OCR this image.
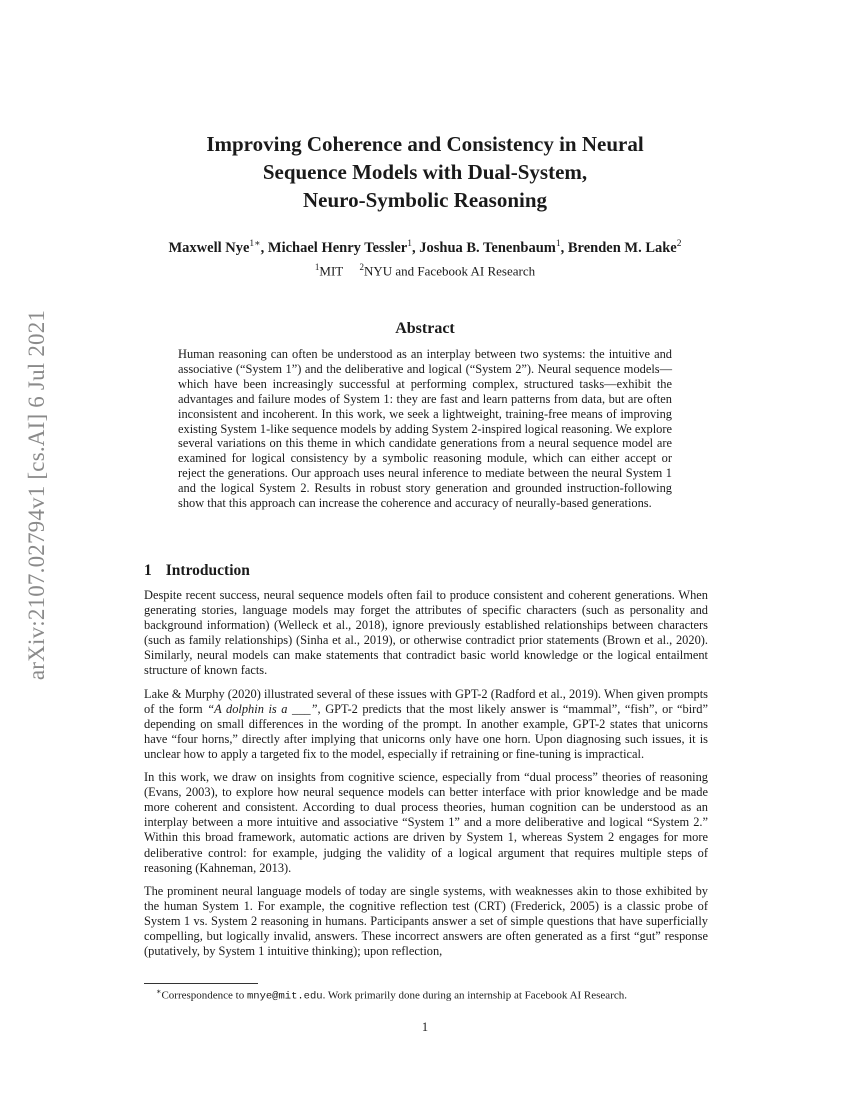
arXiv:2107.02794v1 [cs.AI] 6 Jul 2021
Improving Coherence and Consistency in Neural
Sequence Models with Dual-System,
Neuro-Symbolic Reasoning
Maxwell Nye$^{1∗}$, Michael Henry Tessler$^1$, Joshua B. Tenenbaum$^1$, Brenden M. Lake$^2$
$^1$MIT $^2$NYU and Facebook AI Research
Abstract
Human reasoning can often be understood as an interplay between two systems: the intuitive and associative (“System 1”) and the deliberative and logical (“System 2”). Neural sequence models—which have been increasingly successful at performing complex, structured tasks—exhibit the advantages and failure modes of System 1: they are fast and learn patterns from data, but are often inconsistent and incoherent. In this work, we seek a lightweight, training-free means of improving existing System 1-like sequence models by adding System 2-inspired logical reasoning. We explore several variations on this theme in which candidate generations from a neural sequence model are examined for logical consistency by a symbolic reasoning module, which can either accept or reject the generations. Our approach uses neural inference to mediate between the neural System 1 and the logical System 2. Results in robust story generation and grounded instruction-following show that this approach can increase the coherence and accuracy of neurally-based generations.
1 Introduction

Despite recent success, neural sequence models often fail to produce consistent and coherent generations. When generating stories, language models may forget the attributes of specific characters (such as personality and background information) (Welleck et al., 2018), ignore previously established relationships between characters (such as family relationships) (Sinha et al., 2019), or otherwise contradict prior statements (Brown et al., 2020). Similarly, neural models can make statements that contradict basic world knowledge or the logical entailment structure of known facts.

Lake & Murphy (2020) illustrated several of these issues with GPT-2 (Radford et al., 2019). When given prompts of the form “A dolphin is a ___”, GPT-2 predicts that the most likely answer is “mammal”, “fish”, or “bird” depending on small differences in the wording of the prompt. In another example, GPT-2 states that unicorns have “four horns,” directly after implying that unicorns only have one horn. Upon diagnosing such issues, it is unclear how to apply a targeted fix to the model, especially if retraining or fine-tuning is impractical.

In this work, we draw on insights from cognitive science, especially from “dual process” theories of reasoning (Evans, 2003), to explore how neural sequence models can better interface with prior knowledge and be made more coherent and consistent. According to dual process theories, human cognition can be understood as an interplay between a more intuitive and associative “System 1” and a more deliberative and logical “System 2.” Within this broad framework, automatic actions are driven by System 1, whereas System 2 engages for more deliberative control: for example, judging the validity of a logical argument that requires multiple steps of reasoning (Kahneman, 2013).

The prominent neural language models of today are single systems, with weaknesses akin to those exhibited by the human System 1. For example, the cognitive reflection test (CRT) (Frederick, 2005) is a classic probe of System 1 vs. System 2 reasoning in humans. Participants answer a set of simple questions that have superficially compelling, but logically invalid, answers. These incorrect answers are often generated as a first “gut” response (putatively, by System 1 intuitive thinking); upon reflection,

∗Correspondence to mnye@mit.edu. Work primarily done during an internship at Facebook AI Research.
1
